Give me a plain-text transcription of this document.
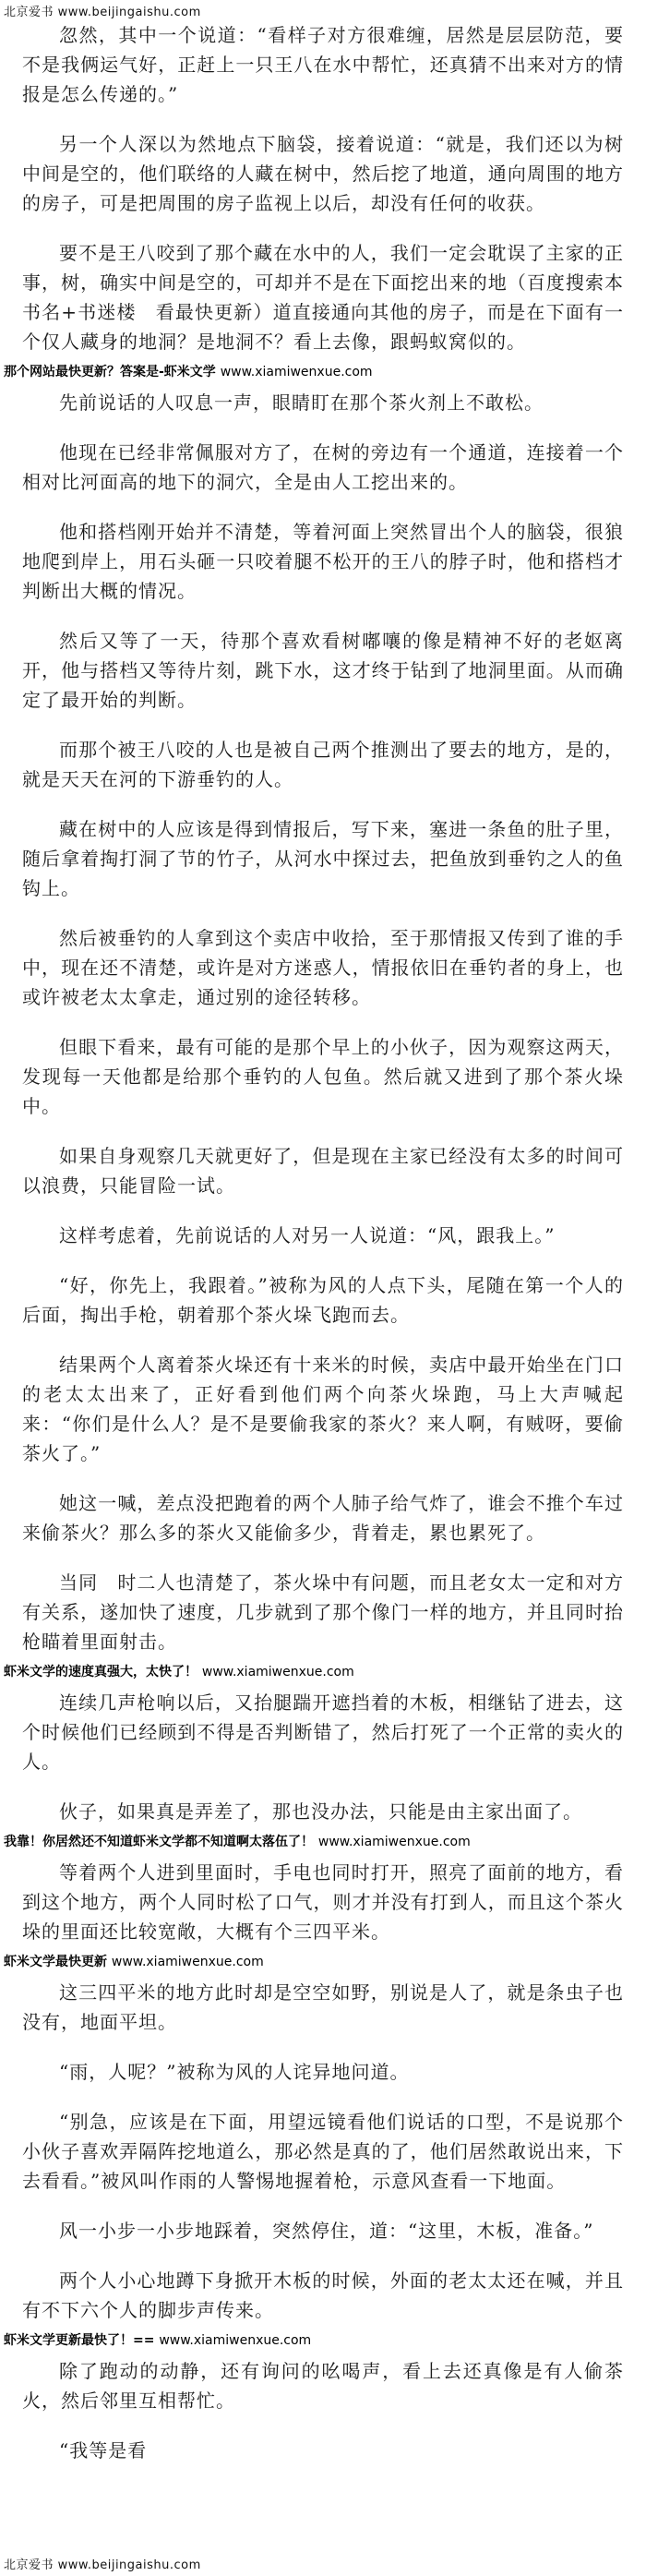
北京爱书 www.beijingaishu.com

忽然，其中一个说道：“看样子对方很难缠，居然是层层防范，要不是我俩运气好，正赶上一只王八在水中帮忙，还真猜不出来对方的情报是怎么传递的。”

另一个人深以为然地点下脑袋，接着说道：“就是，我们还以为树中间是空的，他们联络的人藏在树中，然后挖了地道，通向周围的地方的房子，可是把周围的房子监视上以后，却没有任何的收获。

要不是王八咬到了那个藏在水中的人，我们一定会耽误了主家的正事，树，确实中间是空的，可却并不是在下面挖出来的地（百度搜索本书名+书迷楼　看最快更新）道直接通向其他的房子，而是在下面有一个仅人藏身的地洞？是地洞不？看上去像，跟蚂蚁窝似的。

那个网站最快更新？答案是-虾米文学 www.xiamiwenxue.com

先前说话的人叹息一声，眼睛盯在那个茶火剂上不敢松。

他现在已经非常佩服对方了，在树的旁边有一个通道，连接着一个相对比河面高的地下的洞穴，全是由人工挖出来的。

他和搭档刚开始并不清楚，等着河面上突然冒出个人的脑袋，很狼地爬到岸上，用石头砸一只咬着腿不松开的王八的脖子时，他和搭档才判断出大概的情况。

然后又等了一天，待那个喜欢看树嘟嚷的像是精神不好的老妪离开，他与搭档又等待片刻，跳下水，这才终于钻到了地洞里面。从而确定了最开始的判断。

而那个被王八咬的人也是被自己两个推测出了要去的地方，是的，就是天天在河的下游垂钓的人。

藏在树中的人应该是得到情报后，写下来，塞进一条鱼的肚子里，随后拿着掏打洞了节的竹子，从河水中探过去，把鱼放到垂钓之人的鱼钩上。

然后被垂钓的人拿到这个卖店中收拾，至于那情报又传到了谁的手中，现在还不清楚，或许是对方迷惑人，情报依旧在垂钓者的身上，也或许被老太太拿走，通过别的途径转移。

但眼下看来，最有可能的是那个早上的小伙子，因为观察这两天，发现每一天他都是给那个垂钓的人包鱼。然后就又进到了那个茶火垛中。

如果自身观察几天就更好了，但是现在主家已经没有太多的时间可以浪费，只能冒险一试。

这样考虑着，先前说话的人对另一人说道：“风，跟我上。”

“好，你先上，我跟着。”被称为风的人点下头，尾随在第一个人的后面，掏出手枪，朝着那个茶火垛飞跑而去。

结果两个人离着茶火垛还有十来米的时候，卖店中最开始坐在门口的老太太出来了，正好看到他们两个向茶火垛跑，马上大声喊起来：“你们是什么人？是不是要偷我家的茶火？来人啊，有贼呀，要偷茶火了。”

她这一喊，差点没把跑着的两个人肺子给气炸了，谁会不推个车过来偷茶火？那么多的茶火又能偷多少，背着走，累也累死了。

当同　时二人也清楚了，茶火垛中有问题，而且老女太一定和对方有关系，遂加快了速度，几步就到了那个像门一样的地方，并且同时抬枪瞄着里面射击。

虾米文学的速度真强大，太快了！ www.xiamiwenxue.com

连续几声枪响以后，又抬腿踹开遮挡着的木板，相继钻了进去，这个时候他们已经顾到不得是否判断错了，然后打死了一个正常的卖火的人。

伙子，如果真是弄差了，那也没办法，只能是由主家出面了。

我靠！你居然还不知道虾米文学都不知道啊太落伍了！ www.xiamiwenxue.com

等着两个人进到里面时，手电也同时打开，照亮了面前的地方，看到这个地方，两个人同时松了口气，则才并没有打到人，而且这个茶火垛的里面还比较宽敞，大概有个三四平米。

虾米文学最快更新 www.xiamiwenxue.com

这三四平米的地方此时却是空空如野，别说是人了，就是条虫子也没有，地面平坦。

“雨，人呢？”被称为风的人诧异地问道。

“别急，应该是在下面，用望远镜看他们说话的口型，不是说那个小伙子喜欢弄隔阵挖地道么，那必然是真的了，他们居然敢说出来，下去看看。”被风叫作雨的人警惕地握着枪，示意风查看一下地面。

风一小步一小步地踩着，突然停住，道：“这里，木板，准备。”

两个人小心地蹲下身掀开木板的时候，外面的老太太还在喊，并且有不下六个人的脚步声传来。

虾米文学更新最快了！== www.xiamiwenxue.com

除了跑动的动静，还有询问的吆喝声，看上去还真像是有人偷茶火，然后邻里互相帮忙。

“我等是看

北京爱书 www.beijingaishu.com
